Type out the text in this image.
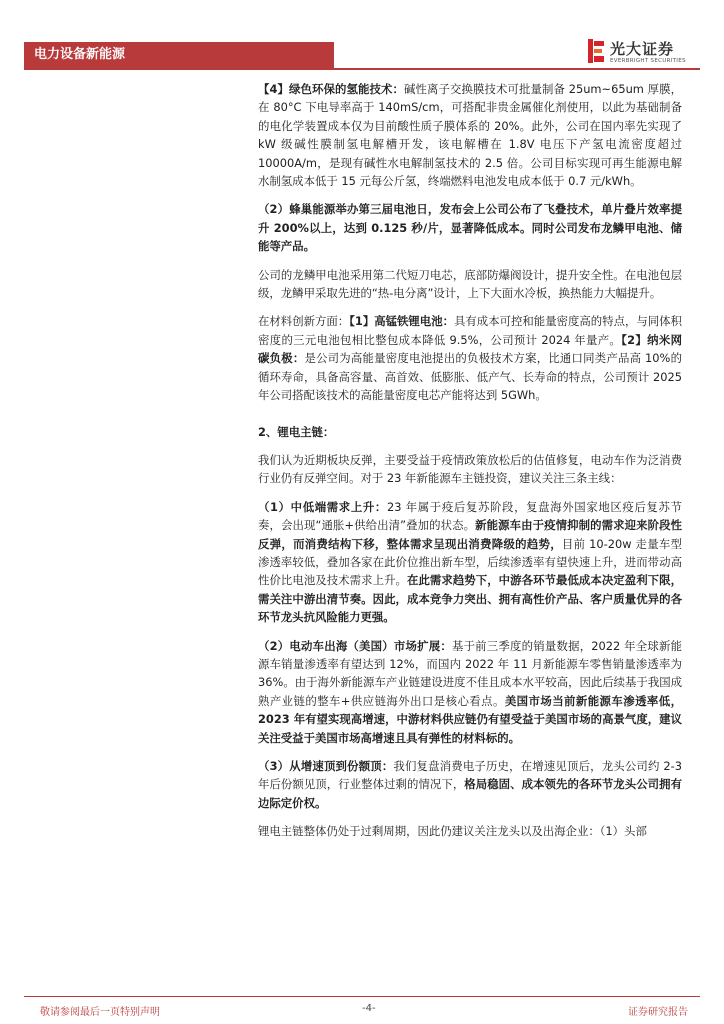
电力设备新能源	光大证券
EVERBRIGHT SECURITIES

【4】绿色环保的氢能技术：碱性离子交换膜技术可批量制备 25um~65um 厚膜，在 80°C 下电导率高于 140mS/cm，可搭配非贵金属催化剂使用，以此为基础制备的电化学装置成本仅为目前酸性质子膜体系的 20%。此外，公司在国内率先实现了 kW 级碱性膜制氢电解槽开发，该电解槽在 1.8V 电压下产氢电流密度超过 10000A/m，是现有碱性水电解制氢技术的 2.5 倍。公司目标实现可再生能源电解水制氢成本低于 15 元每公斤氢，终端燃料电池发电成本低于 0.7 元/kWh。

（2）蜂巢能源举办第三届电池日，发布会上公司公布了飞叠技术，单片叠片效率提升 200%以上，达到 0.125 秒/片，显著降低成本。同时公司发布龙鳞甲电池、储能等产品。

公司的龙鳞甲电池采用第二代短刀电芯，底部防爆阀设计，提升安全性。在电池包层级，龙鳞甲采取先进的“热-电分离”设计，上下大面水冷板，换热能力大幅提升。

在材料创新方面：【1】高锰铁锂电池：具有成本可控和能量密度高的特点，与同体积密度的三元电池包相比整包成本降低 9.5%，公司预计 2024 年量产。【2】纳米网碳负极：是公司为高能量密度电池提出的负极技术方案，比通口同类产品高 10%的循环寿命，具备高容量、高首效、低膨胀、低产气、长寿命的特点，公司预计 2025 年公司搭配该技术的高能量密度电芯产能将达到 5GWh。

2、锂电主链：

我们认为近期板块反弹，主要受益于疫情政策放松后的估值修复，电动车作为泛消费行业仍有反弹空间。对于 23 年新能源车主链投资，建议关注三条主线：

（1）中低端需求上升：23 年属于疫后复苏阶段，复盘海外国家地区疫后复苏节奏，会出现“通胀+供给出清”叠加的状态。新能源车由于疫情抑制的需求迎来阶段性反弹，而消费结构下移，整体需求呈现出消费降级的趋势，目前 10-20w 走量车型渗透率较低，叠加各家在此价位推出新车型，后续渗透率有望快速上升，进而带动高性价比电池及技术需求上升。在此需求趋势下，中游各环节最低成本决定盈利下限，需关注中游出清节奏。因此，成本竞争力突出、拥有高性价产品、客户质量优异的各环节龙头抗风险能力更强。

（2）电动车出海（美国）市场扩展：基于前三季度的销量数据，2022 年全球新能源车销量渗透率有望达到 12%，而国内 2022 年 11 月新能源车零售销量渗透率为 36%。由于海外新能源车产业链建设进度不佳且成本水平较高，因此后续基于我国成熟产业链的整车+供应链海外出口是核心看点。美国市场当前新能源车渗透率低，2023 年有望实现高增速，中游材料供应链仍有望受益于美国市场的高景气度，建议关注受益于美国市场高增速且具有弹性的材料标的。

（3）从增速顶到份额顶：我们复盘消费电子历史，在增速见顶后，龙头公司约 2-3 年后份额见顶，行业整体过剩的情况下，格局稳固、成本领先的各环节龙头公司拥有边际定价权。

锂电主链整体仍处于过剩周期，因此仍建议关注龙头以及出海企业：（1）头部

敬请参阅最后一页特别声明	-4-	证券研究报告
